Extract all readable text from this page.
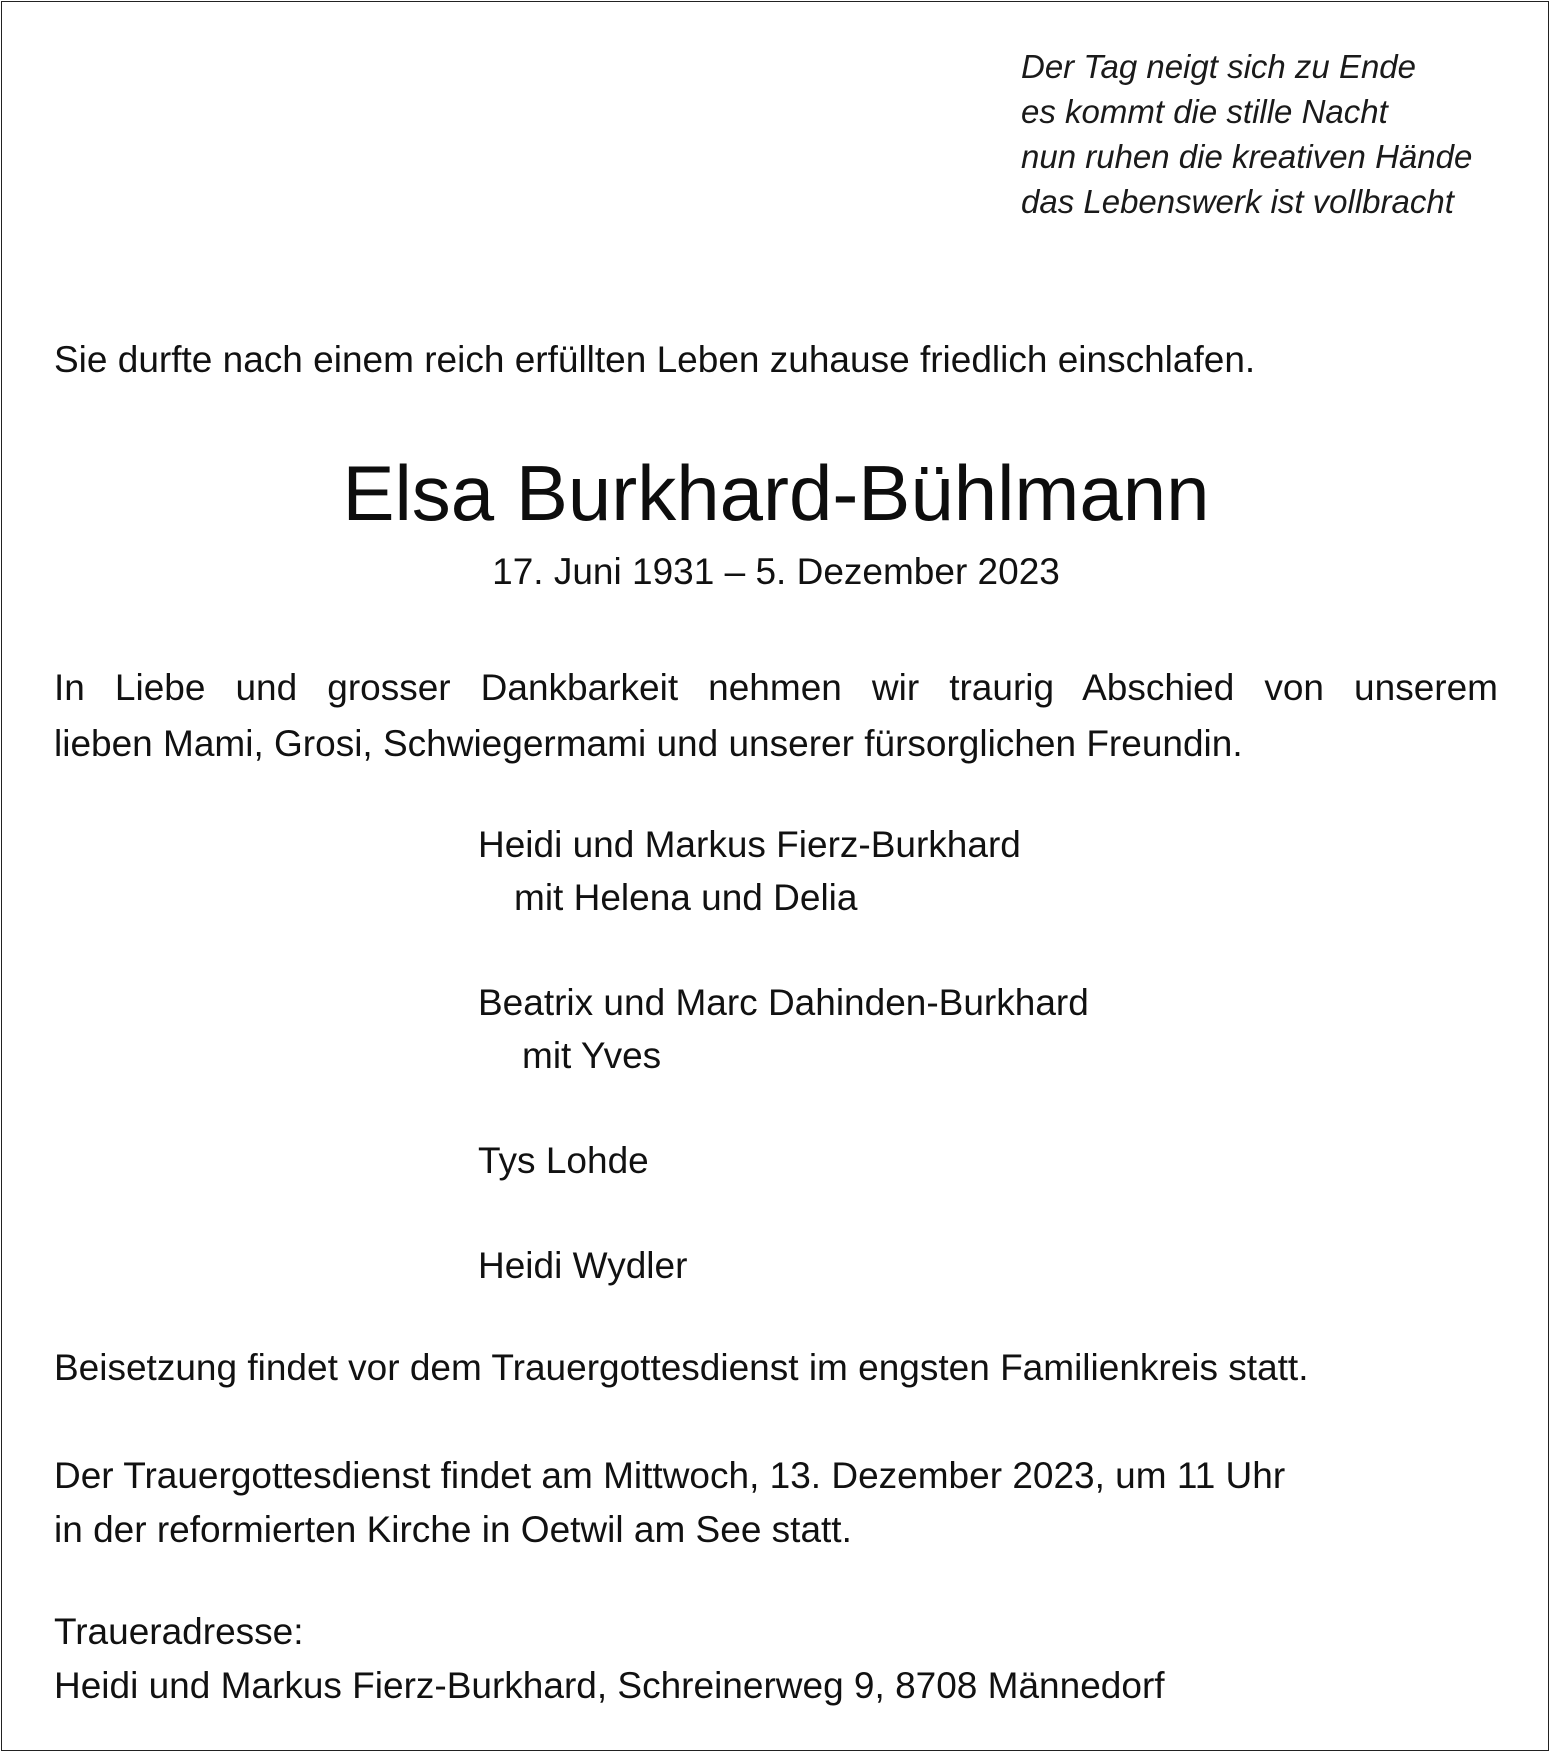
Der Tag neigt sich zu Ende
es kommt die stille Nacht
nun ruhen die kreativen Hände
das Lebenswerk ist vollbracht
Sie durfte nach einem reich erfüllten Leben zuhause friedlich einschlafen.
Elsa Burkhard-Bühlmann
17. Juni 1931 – 5. Dezember 2023
In Liebe und grosser Dankbarkeit nehmen wir traurig Abschied von unserem
lieben Mami, Grosi, Schwiegermami und unserer fürsorglichen Freundin.
Heidi und Markus Fierz-Burkhard
mit Helena und Delia
Beatrix und Marc Dahinden-Burkhard
mit Yves
Tys Lohde
Heidi Wydler
Beisetzung findet vor dem Trauergottesdienst im engsten Familienkreis statt.
Der Trauergottesdienst findet am Mittwoch, 13. Dezember 2023, um 11 Uhr
in der reformierten Kirche in Oetwil am See statt.
Traueradresse:
Heidi und Markus Fierz-Burkhard, Schreinerweg 9, 8708 Männedorf
